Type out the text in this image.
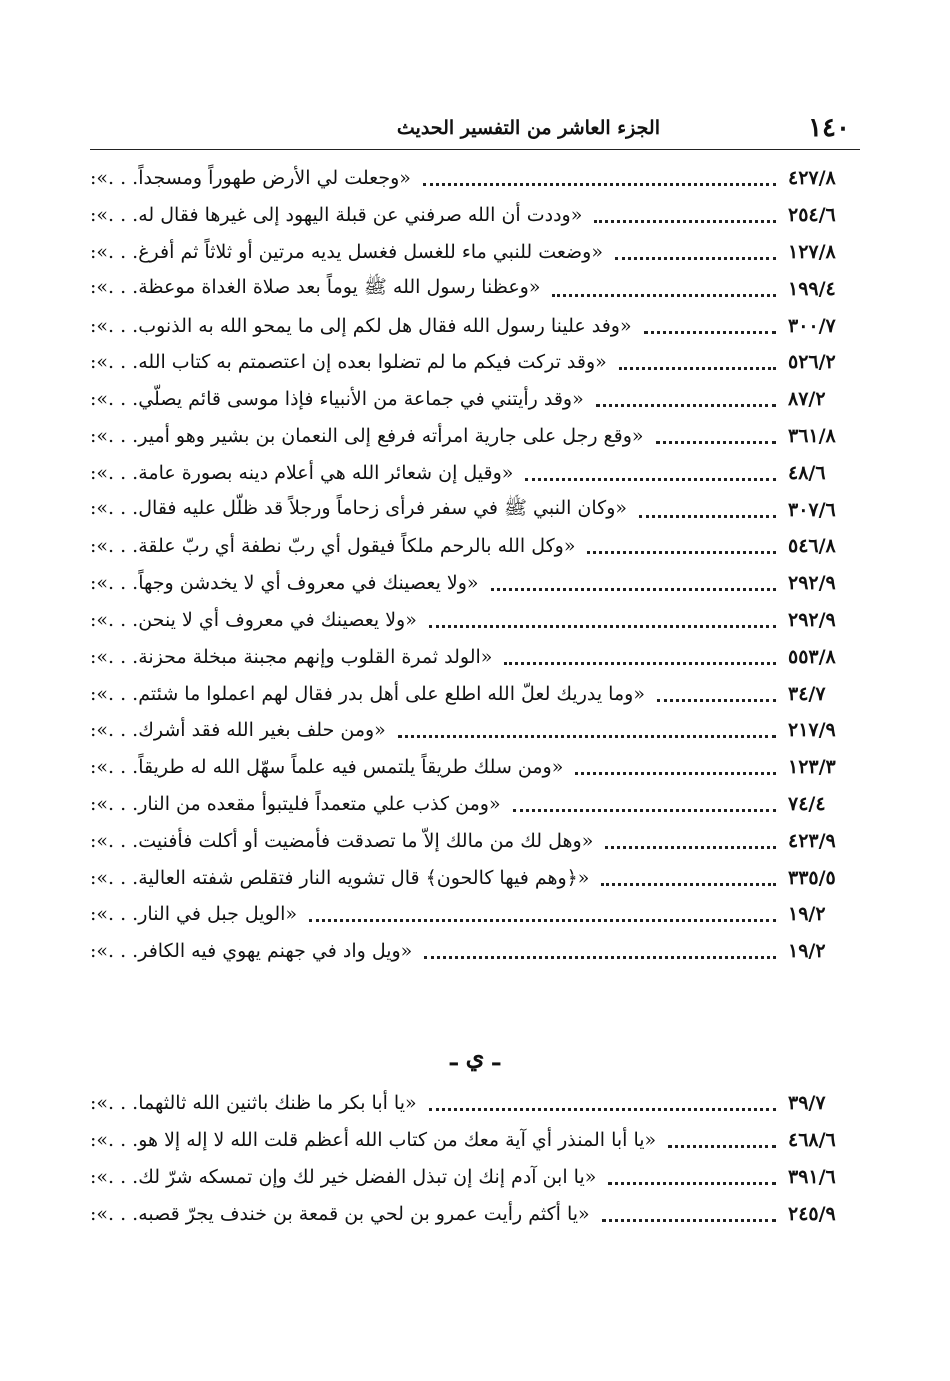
الجزء العاشر من التفسير الحديث	١٤٠
«وجعلت لي الأرض طهوراً ومسجداً. . .»:	٤٢٧/٨
«وددت أن الله صرفني عن قبلة اليهود إلى غيرها فقال له. . .»:	٢٥٤/٦
«وضعت للنبي ماء للغسل فغسل يديه مرتين أو ثلاثاً ثم أفرغ. . .»:	١٢٧/٨
«وعظنا رسول الله ﷺ يوماً بعد صلاة الغداة موعظة. . .»:	١٩٩/٤
«وفد علينا رسول الله فقال هل لكم إلى ما يمحو الله به الذنوب. . .»:	٣٠٠/٧
«وقد تركت فيكم ما لم تضلوا بعده إن اعتصمتم به كتاب الله. . .»:	٥٢٦/٢
«وقد رأيتني في جماعة من الأنبياء فإذا موسى قائم يصلّي. . .»:	٨٧/٢
«وقع رجل على جارية امرأته فرفع إلى النعمان بن بشير وهو أمير. . .»:	٣٦١/٨
«وقيل إن شعائر الله هي أعلام دينه بصورة عامة. . .»:	٤٨/٦
«وكان النبي ﷺ في سفر فرأى زحاماً ورجلاً قد ظلّل عليه فقال. . .»:	٣٠٧/٦
«وكل الله بالرحم ملكاً فيقول أي ربّ نطفة أي ربّ علقة. . .»:	٥٤٦/٨
«ولا يعصينك في معروف أي لا يخدشن وجهاً. . .»:	٢٩٢/٩
«ولا يعصينك في معروف أي لا ينحن. . .»:	٢٩٢/٩
«الولد ثمرة القلوب وإنهم مجبنة مبخلة محزنة. . .»:	٥٥٣/٨
«وما يدريك لعلّ الله اطلع على أهل بدر فقال لهم اعملوا ما شئتم. . .»:	٣٤/٧
«ومن حلف بغير الله فقد أشرك. . .»:	٢١٧/٩
«ومن سلك طريقاً يلتمس فيه علماً سهّل الله له طريقاً. . .»:	١٢٣/٣
«ومن كذب علي متعمداً فليتبوأ مقعده من النار. . .»:	٧٤/٤
«وهل لك من مالك إلاّ ما تصدقت فأمضيت أو أكلت فأفنيت. . .»:	٤٢٣/٩
«﴿وهم فيها كالحون﴾ قال تشويه النار فتقلص شفته العالية. . .»:	٣٣٥/٥
«الويل جبل في النار. . .»:	١٩/٢
«ويل واد في جهنم يهوي فيه الكافر. . .»:	١٩/٢
ـ ي ـ
«يا أبا بكر ما ظنك باثنين الله ثالثهما. . .»:	٣٩/٧
«يا أبا المنذر أي آية معك من كتاب الله أعظم قلت الله لا إله إلا هو. . .»:	٤٦٨/٦
«يا ابن آدم إنك إن تبذل الفضل خير لك وإن تمسكه شرّ لك. . .»:	٣٩١/٦
«يا أكثم رأيت عمرو بن لحي بن قمعة بن خندف يجرّ قصبه. . .»:	٢٤٥/٩
